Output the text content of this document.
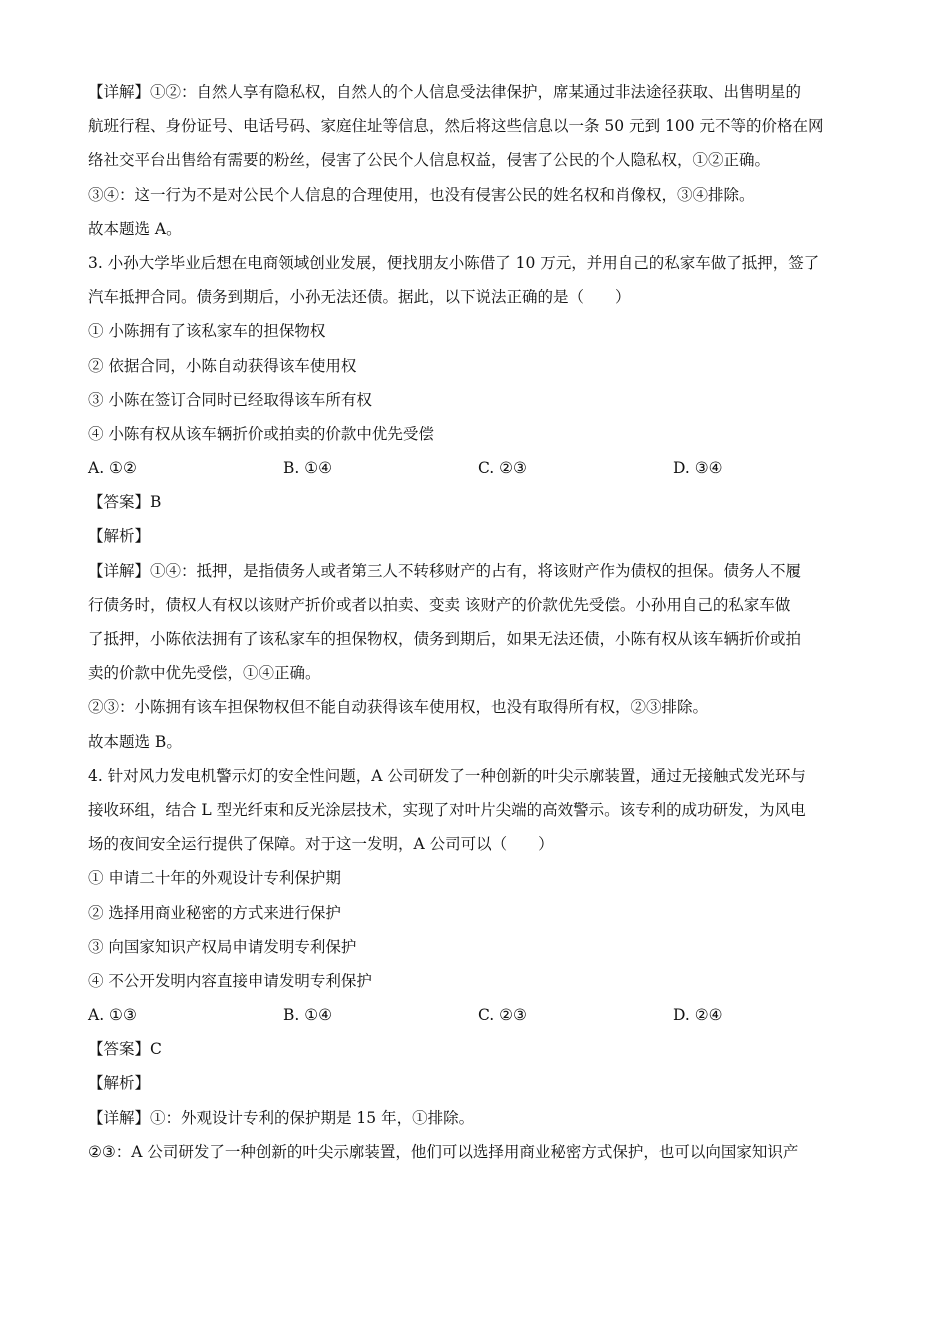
【详解】①②：自然人享有隐私权，自然人的个人信息受法律保护，席某通过非法途径获取、出售明星的
航班行程、身份证号、电话号码、家庭住址等信息，然后将这些信息以一条 50 元到 100 元不等的价格在网
络社交平台出售给有需要的粉丝，侵害了公民个人信息权益，侵害了公民的个人隐私权，①②正确。
③④：这一行为不是对公民个人信息的合理使用，也没有侵害公民的姓名权和肖像权，③④排除。
故本题选 A。
3. 小孙大学毕业后想在电商领域创业发展，便找朋友小陈借了 10 万元，并用自己的私家车做了抵押，签了
汽车抵押合同。债务到期后，小孙无法还债。据此，以下说法正确的是（　　）
① 小陈拥有了该私家车的担保物权
② 依据合同，小陈自动获得该车使用权
③ 小陈在签订合同时已经取得该车所有权
④ 小陈有权从该车辆折价或拍卖的价款中优先受偿
A. ①②	B. ①④	C. ②③	D. ③④
【答案】B
【解析】
【详解】①④：抵押，是指债务人或者第三人不转移财产的占有，将该财产作为债权的担保。债务人不履
行债务时，债权人有权以该财产折价或者以拍卖、变卖 该财产的价款优先受偿。小孙用自己的私家车做
了抵押，小陈依法拥有了该私家车的担保物权，债务到期后，如果无法还债，小陈有权从该车辆折价或拍
卖的价款中优先受偿，①④正确。
②③：小陈拥有该车担保物权但不能自动获得该车使用权，也没有取得所有权，②③排除。
故本题选 B。
4. 针对风力发电机警示灯的安全性问题，A 公司研发了一种创新的叶尖示廓装置，通过无接触式发光环与
接收环组，结合 L 型光纤束和反光涂层技术，实现了对叶片尖端的高效警示。该专利的成功研发，为风电
场的夜间安全运行提供了保障。对于这一发明，A 公司可以（　　）
① 申请二十年的外观设计专利保护期
② 选择用商业秘密的方式来进行保护
③ 向国家知识产权局申请发明专利保护
④ 不公开发明内容直接申请发明专利保护
A. ①③	B. ①④	C. ②③	D. ②④
【答案】C
【解析】
【详解】①：外观设计专利的保护期是 15 年，①排除。
②③：A 公司研发了一种创新的叶尖示廓装置，他们可以选择用商业秘密方式保护，也可以向国家知识产
